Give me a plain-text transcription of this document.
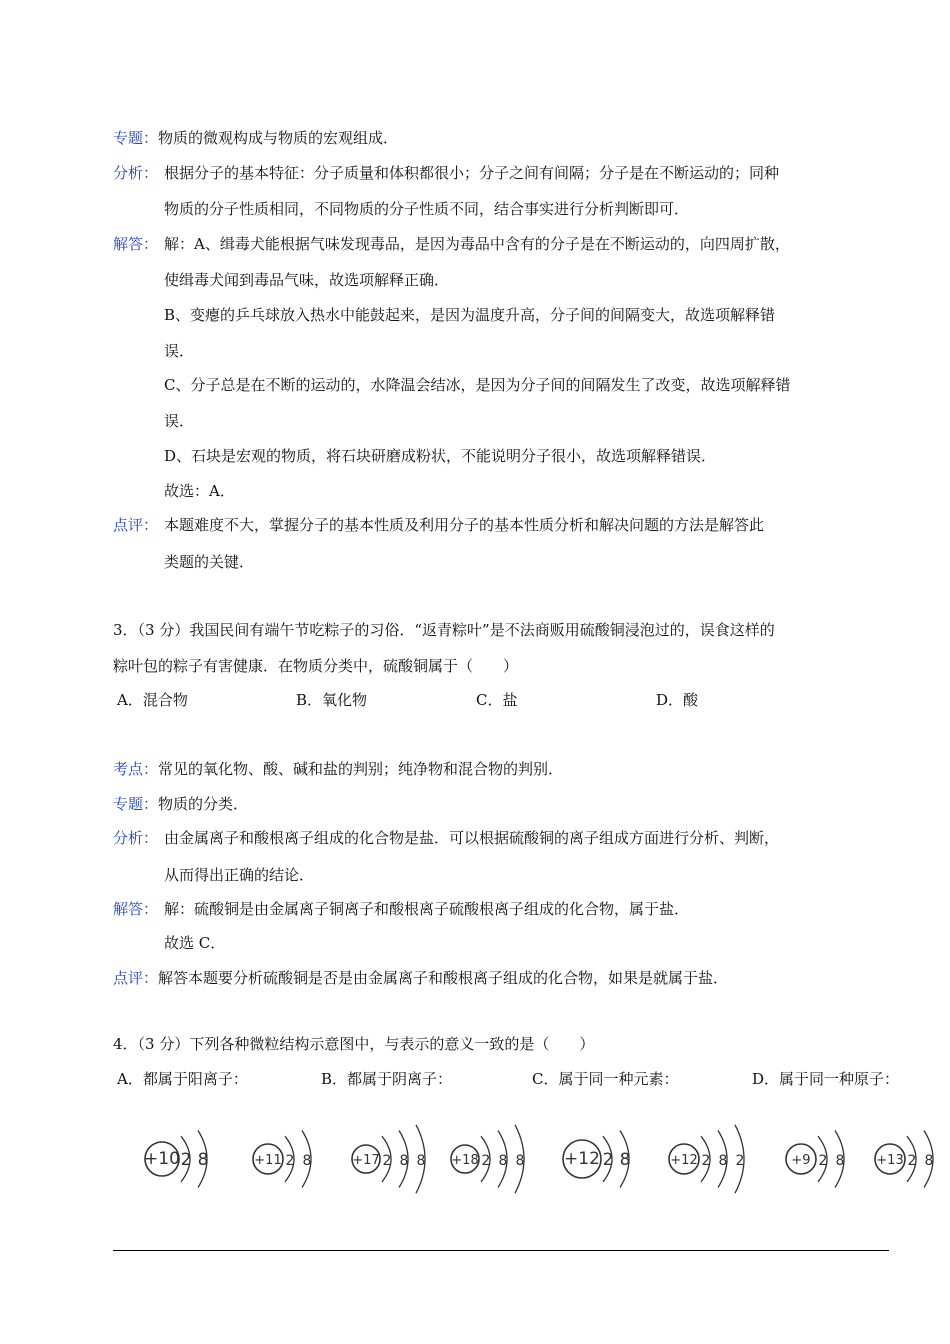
专题：物质的微观构成与物质的宏观组成．
分析： 根据分子的基本特征：分子质量和体积都很小；分子之间有间隔；分子是在不断运动的；同种
物质的分子性质相同，不同物质的分子性质不同，结合事实进行分析判断即可．
解答： 解：A、缉毒犬能根据气味发现毒品，是因为毒品中含有的分子是在不断运动的，向四周扩散，
使缉毒犬闻到毒品气味，故选项解释正确．
B、变瘪的乒乓球放入热水中能鼓起来，是因为温度升高，分子间的间隔变大，故选项解释错
误．
C、分子总是在不断的运动的，水降温会结冰，是因为分子间的间隔发生了改变，故选项解释错
误．
D、石块是宏观的物质，将石块研磨成粉状，不能说明分子很小，故选项解释错误．
故选：A．
点评： 本题难度不大，掌握分子的基本性质及利用分子的基本性质分析和解决问题的方法是解答此
类题的关键．
3．（3 分）我国民间有端午节吃粽子的习俗．“返青粽叶”是不法商贩用硫酸铜浸泡过的，误食这样的
粽叶包的粽子有害健康．在物质分类中，硫酸铜属于（　　）
A．混合物	B．氧化物	C．盐	D．酸
考点：常见的氧化物、酸、碱和盐的判别；纯净物和混合物的判别．
专题：物质的分类．
分析： 由金属离子和酸根离子组成的化合物是盐．可以根据硫酸铜的离子组成方面进行分析、判断，
从而得出正确的结论．
解答： 解：硫酸铜是由金属离子铜离子和酸根离子硫酸根离子组成的化合物，属于盐．
故选 C．
点评：解答本题要分析硫酸铜是否是由金属离子和酸根离子组成的化合物，如果是就属于盐．
4．（3 分）下列各种微粒结构示意图中，与表示的意义一致的是（　　）
A．都属于阳离子：	B．都属于阴离子：	C．属于同一种元素：	D．属于同一种原子：
+10 2 8	+11 2 8	+17 2 8 8 +18 2 8 8 +12 2 8	+12 2 8 2	+9 2 8 +13 2 8
